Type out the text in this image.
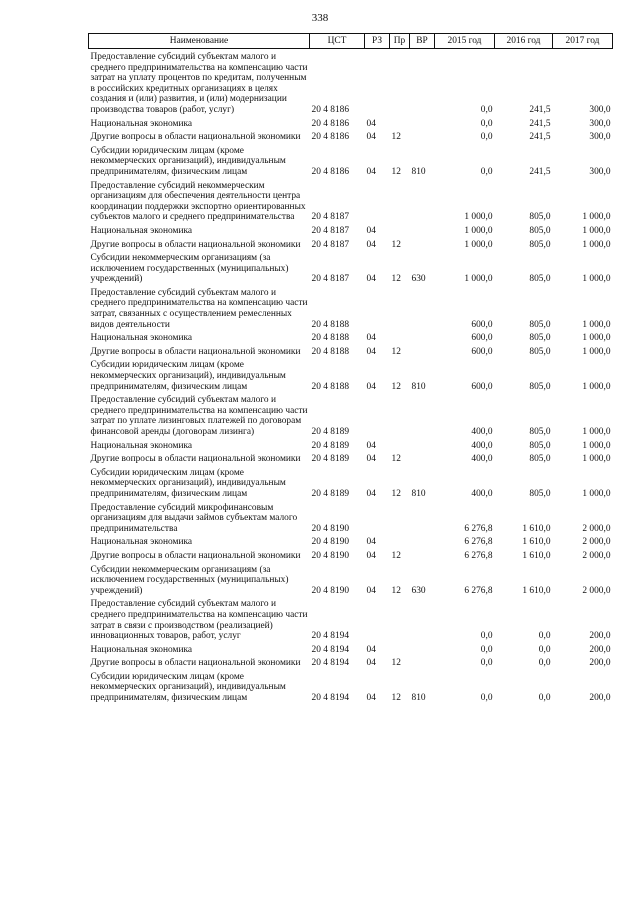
338
Наименование	ЦСТ	РЗ	Пр	ВР	2015 год	2016 год	2017 год
Предоставление субсидий субъектам малого и среднего предпринимательства на компенсацию части затрат на уплату процентов по кредитам, полученным в российских кредитных организациях в целях создания и (или) развития, и (или) модернизации производства товаров (работ, услуг)	20 4 8186				0,0	241,5	300,0
Национальная экономика	20 4 8186	04			0,0	241,5	300,0
Другие вопросы в области национальной экономики	20 4 8186	04	12		0,0	241,5	300,0
Субсидии юридическим лицам (кроме некоммерческих организаций), индивидуальным предпринимателям, физическим лицам	20 4 8186	04	12	810	0,0	241,5	300,0
Предоставление субсидий некоммерческим организациям для обеспечения деятельности центра координации поддержки экспортно ориентированных субъектов малого и среднего предпринимательства	20 4 8187				1 000,0	805,0	1 000,0
Национальная экономика	20 4 8187	04			1 000,0	805,0	1 000,0
Другие вопросы в области национальной экономики	20 4 8187	04	12		1 000,0	805,0	1 000,0
Субсидии некоммерческим организациям (за исключением государственных (муниципальных) учреждений)	20 4 8187	04	12	630	1 000,0	805,0	1 000,0
Предоставление субсидий субъектам малого и среднего предпринимательства на компенсацию части затрат, связанных с осуществлением ремесленных видов деятельности	20 4 8188				600,0	805,0	1 000,0
Национальная экономика	20 4 8188	04			600,0	805,0	1 000,0
Другие вопросы в области национальной экономики	20 4 8188	04	12		600,0	805,0	1 000,0
Субсидии юридическим лицам (кроме некоммерческих организаций), индивидуальным предпринимателям, физическим лицам	20 4 8188	04	12	810	600,0	805,0	1 000,0
Предоставление субсидий субъектам малого и среднего предпринимательства на компенсацию части затрат по уплате лизинговых платежей по договорам финансовой аренды (договорам лизинга)	20 4 8189				400,0	805,0	1 000,0
Национальная экономика	20 4 8189	04			400,0	805,0	1 000,0
Другие вопросы в области национальной экономики	20 4 8189	04	12		400,0	805,0	1 000,0
Субсидии юридическим лицам (кроме некоммерческих организаций), индивидуальным предпринимателям, физическим лицам	20 4 8189	04	12	810	400,0	805,0	1 000,0
Предоставление субсидий микрофинансовым организациям для выдачи займов субъектам малого предпринимательства	20 4 8190				6 276,8	1 610,0	2 000,0
Национальная экономика	20 4 8190	04			6 276,8	1 610,0	2 000,0
Другие вопросы в области национальной экономики	20 4 8190	04	12		6 276,8	1 610,0	2 000,0
Субсидии некоммерческим организациям (за исключением государственных (муниципальных) учреждений)	20 4 8190	04	12	630	6 276,8	1 610,0	2 000,0
Предоставление субсидий субъектам малого и среднего предпринимательства на компенсацию части затрат в связи с производством (реализацией) инновационных товаров, работ, услуг	20 4 8194				0,0	0,0	200,0
Национальная экономика	20 4 8194	04			0,0	0,0	200,0
Другие вопросы в области национальной экономики	20 4 8194	04	12		0,0	0,0	200,0
Субсидии юридическим лицам (кроме некоммерческих организаций), индивидуальным предпринимателям, физическим лицам	20 4 8194	04	12	810	0,0	0,0	200,0
